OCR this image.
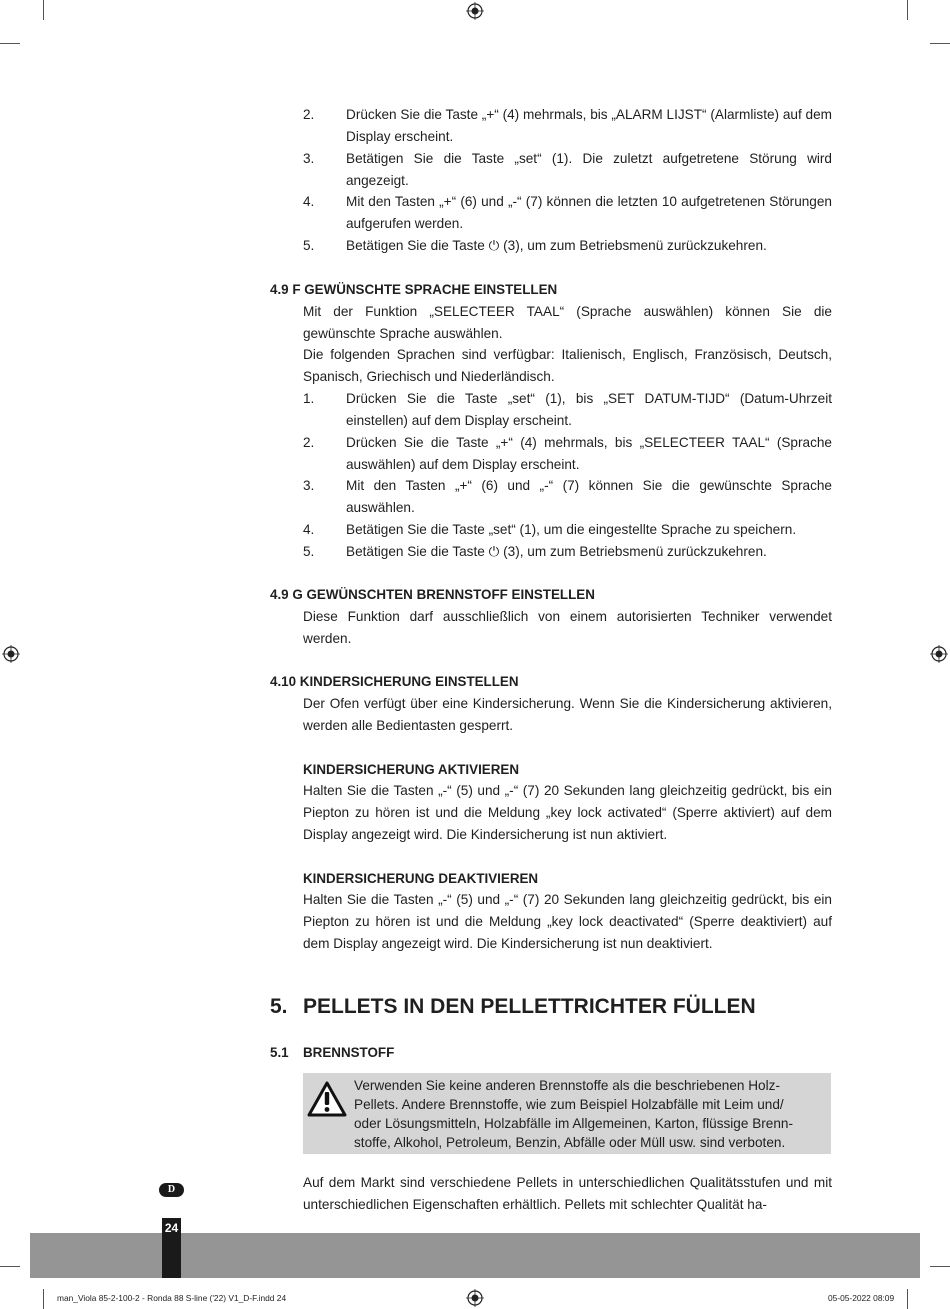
2. Drücken Sie die Taste „+“ (4) mehrmals, bis „ALARM LIJST“ (Alarmliste) auf dem Display erscheint.
3. Betätigen Sie die Taste „set“ (1). Die zuletzt aufgetretene Störung wird angezeigt.
4. Mit den Tasten „+“ (6) und „-“ (7) können die letzten 10 aufgetretenen Störungen aufgerufen werden.
5. Betätigen Sie die Taste ⏻ (3), um zum Betriebsmenü zurückzukehren.
4.9 F GEWÜNSCHTE SPRACHE EINSTELLEN

Mit der Funktion „SELECTEER TAAL“ (Sprache auswählen) können Sie die gewünschte Sprache auswählen.

Die folgenden Sprachen sind verfügbar: Italienisch, Englisch, Französisch, Deutsch, Spanisch, Griechisch und Niederländisch.

1. Drücken Sie die Taste „set“ (1), bis „SET DATUM-TIJD“ (Datum-Uhrzeit einstellen) auf dem Display erscheint.
2. Drücken Sie die Taste „+“ (4) mehrmals, bis „SELECTEER TAAL“ (Sprache auswählen) auf dem Display erscheint.
3. Mit den Tasten „+“ (6) und „-“ (7) können Sie die gewünschte Sprache auswählen.
4. Betätigen Sie die Taste „set“ (1), um die eingestellte Sprache zu speichern.
5. Betätigen Sie die Taste ⏻ (3), um zum Betriebsmenü zurückzukehren.
4.9 G GEWÜNSCHTEN BRENNSTOFF EINSTELLEN

Diese Funktion darf ausschließlich von einem autorisierten Techniker verwendet werden.

4.10 KINDERSICHERUNG EINSTELLEN

Der Ofen verfügt über eine Kindersicherung. Wenn Sie die Kindersicherung aktivieren, werden alle Bedientasten gesperrt.

KINDERSICHERUNG AKTIVIEREN

Halten Sie die Tasten „-“ (5) und „-“ (7) 20 Sekunden lang gleichzeitig gedrückt, bis ein Piepton zu hören ist und die Meldung „key lock activated“ (Sperre aktiviert) auf dem Display angezeigt wird. Die Kindersicherung ist nun aktiviert.

KINDERSICHERUNG DEAKTIVIEREN

Halten Sie die Tasten „-“ (5) und „-“ (7) 20 Sekunden lang gleichzeitig gedrückt, bis ein Piepton zu hören ist und die Meldung „key lock deactivated“ (Sperre deaktiviert) auf dem Display angezeigt wird. Die Kindersicherung ist nun deaktiviert.

5. PELLETS IN DEN PELLETTRICHTER FÜLLEN
5.1 BRENNSTOFF
Verwenden Sie keine anderen Brennstoffe als die beschriebenen Holz-
Pellets. Andere Brennstoffe, wie zum Beispiel Holzabfälle mit Leim und/
oder Lösungsmitteln, Holzabfälle im Allgemeinen, Karton, flüssige Brenn-
stoffe, Alkohol, Petroleum, Benzin, Abfälle oder Müll usw. sind verboten.

Auf dem Markt sind verschiedene Pellets in unterschiedlichen Qualitätsstufen und mit unterschiedlichen Eigenschaften erhältlich. Pellets mit schlechter Qualität ha-

D
24
man_Viola 85-2-100-2 - Ronda 88 S-line ('22) V1_D-F.indd 24	05-05-2022 08:09
